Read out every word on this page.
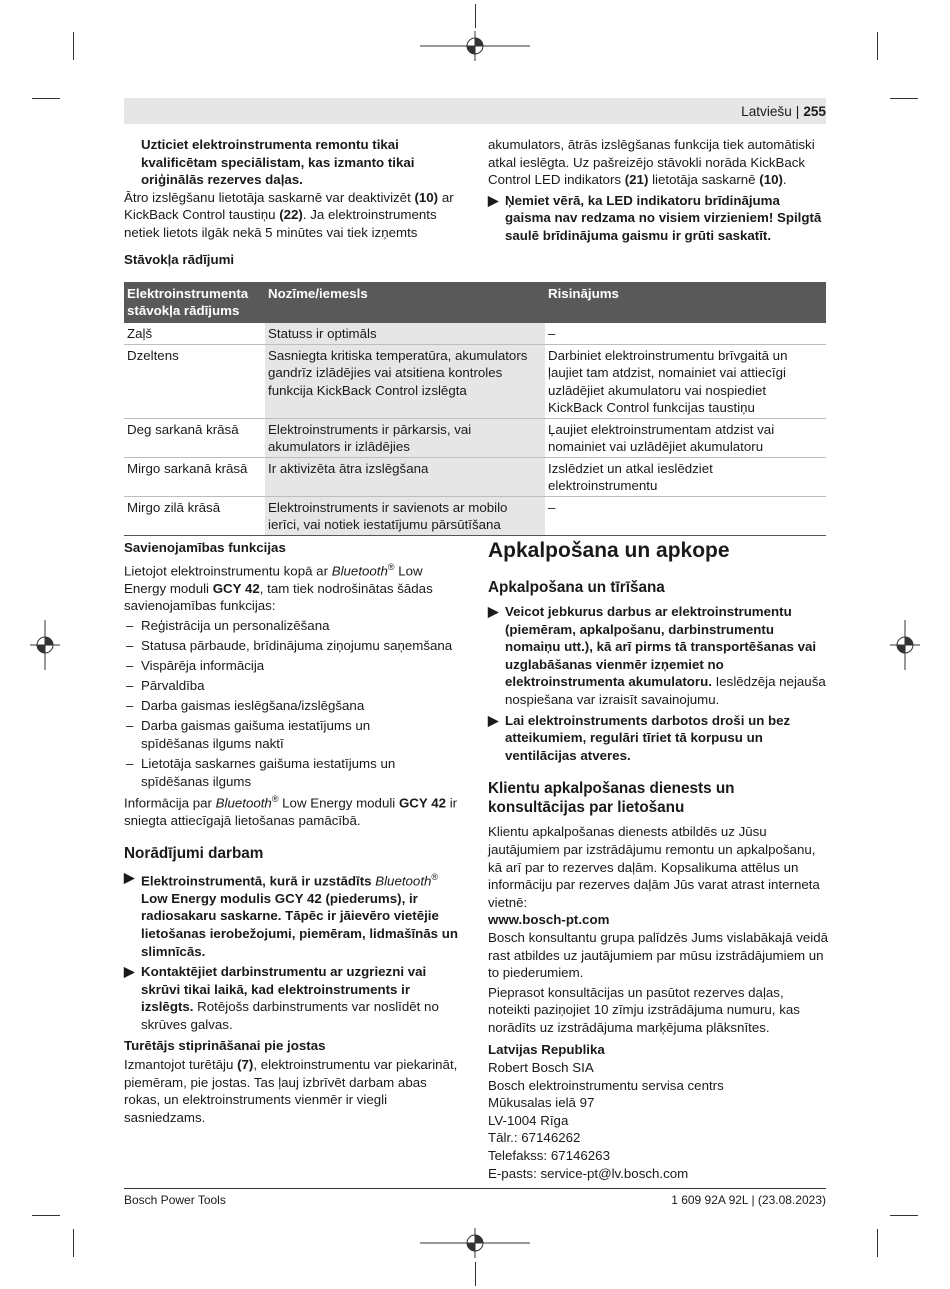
Latviešu | 255

Uzticiet elektroinstrumenta remontu tikai kvalificētam speciālistam, kas izmanto tikai oriģinālās rezerves daļas.

Ātro izslēgšanu lietotāja saskarnē var deaktivizēt (10) ar KickBack Control taustiņu (22). Ja elektroinstruments netiek lietots ilgāk nekā 5 minūtes vai tiek izņemts

Stāvokļa rādījumi

akumulators, ātrās izslēgšanas funkcija tiek automātiski atkal ieslēgta. Uz pašreizējo stāvokli norāda KickBack Control LED indikators (21) lietotāja saskarnē (10).

▶ Ņemiet vērā, ka LED indikatoru brīdinājuma gaisma nav redzama no visiem virzieniem! Spilgtā saulē brīdinājuma gaismu ir grūti saskatīt.
Elektroinstrumenta stāvokļa rādījums	Nozīme/iemesls	Risinājums
Zaļš	Statuss ir optimāls	–
Dzeltens	Sasniegta kritiska temperatūra, akumulators gandrīz izlādējies vai atsitiena kontroles funkcija KickBack Control izslēgta	Darbiniet elektroinstrumentu brīvgaitā un ļaujiet tam atdzist, nomainiet vai attiecīgi uzlādējiet akumulatoru vai nospiediet KickBack Control funkcijas taustiņu
Deg sarkanā krāsā	Elektroinstruments ir pārkarsis, vai akumulators ir izlādējies	Ļaujiet elektroinstrumentam atdzist vai nomainiet vai uzlādējiet akumulatoru
Mirgo sarkanā krāsā	Ir aktivizēta ātra izslēgšana	Izslēdziet un atkal ieslēdziet elektroinstrumentu
Mirgo zilā krāsā	Elektroinstruments ir savienots ar mobilo ierīci, vai notiek iestatījumu pārsūtīšana	–

Savienojamības funkcijas

Lietojot elektroinstrumentu kopā ar Bluetooth® Low Energy moduli GCY 42, tam tiek nodrošinātas šādas savienojamības funkcijas:

– Reģistrācija un personalizēšana
– Statusa pārbaude, brīdinājuma ziņojumu saņemšana
– Vispārēja informācija
– Pārvaldība
– Darba gaismas ieslēgšana/izslēgšana
– Darba gaismas gaišuma iestatījums un spīdēšanas ilgums naktī
– Lietotāja saskarnes gaišuma iestatījums un spīdēšanas ilgums

Informācija par Bluetooth® Low Energy moduli GCY 42 ir sniegta attiecīgajā lietošanas pamācībā.

Norādījumi darbam
▶ Elektroinstrumentā, kurā ir uzstādīts Bluetooth® Low Energy modulis GCY 42 (piederums), ir radiosakaru saskarne. Tāpēc ir jāievēro vietējie lietošanas ierobežojumi, piemēram, lidmašīnās un slimnīcās.
▶ Kontaktējiet darbinstrumentu ar uzgriezni vai skrūvi tikai laikā, kad elektroinstruments ir izslēgts. Rotējošs darbinstruments var noslīdēt no skrūves galvas.

Turētājs stiprināšanai pie jostas

Izmantojot turētāju (7), elektroinstrumentu var piekarināt, piemēram, pie jostas. Tas ļauj izbrīvēt darbam abas rokas, un elektroinstruments vienmēr ir viegli sasniedzams.

Apkalpošana un apkope
Apkalpošana un tīrīšana
▶ Veicot jebkurus darbus ar elektroinstrumentu (piemēram, apkalpošanu, darbinstrumentu nomaiņu utt.), kā arī pirms tā transportēšanas vai uzglabāšanas vienmēr izņemiet no elektroinstrumenta akumulatoru. Ieslēdzēja nejauša nospiešana var izraisīt savainojumu.
▶ Lai elektroinstruments darbotos droši un bez atteikumiem, regulāri tīriet tā korpusu un ventilācijas atveres.
Klientu apkalpošanas dienests un konsultācijas par lietošanu

Klientu apkalpošanas dienests atbildēs uz Jūsu jautājumiem par izstrādājumu remontu un apkalpošanu, kā arī par to rezerves daļām. Kopsalikuma attēlus un informāciju par rezerves daļām Jūs varat atrast interneta vietnē:

www.bosch-pt.com

Bosch konsultantu grupa palīdzēs Jums vislabākajā veidā rast atbildes uz jautājumiem par mūsu izstrādājumiem un to piederumiem.

Pieprasot konsultācijas un pasūtot rezerves daļas, noteikti paziņojiet 10 zīmju izstrādājuma numuru, kas norādīts uz izstrādājuma marķējuma plāksnītes.

Latvijas Republika

Robert Bosch SIA

Bosch elektroinstrumentu servisa centrs

Mūkusalas ielā 97

LV-1004 Rīga

Tālr.: 67146262

Telefakss: 67146263

E-pasts: service-pt@lv.bosch.com

Bosch Power Tools	1 609 92A 92L | (23.08.2023)
